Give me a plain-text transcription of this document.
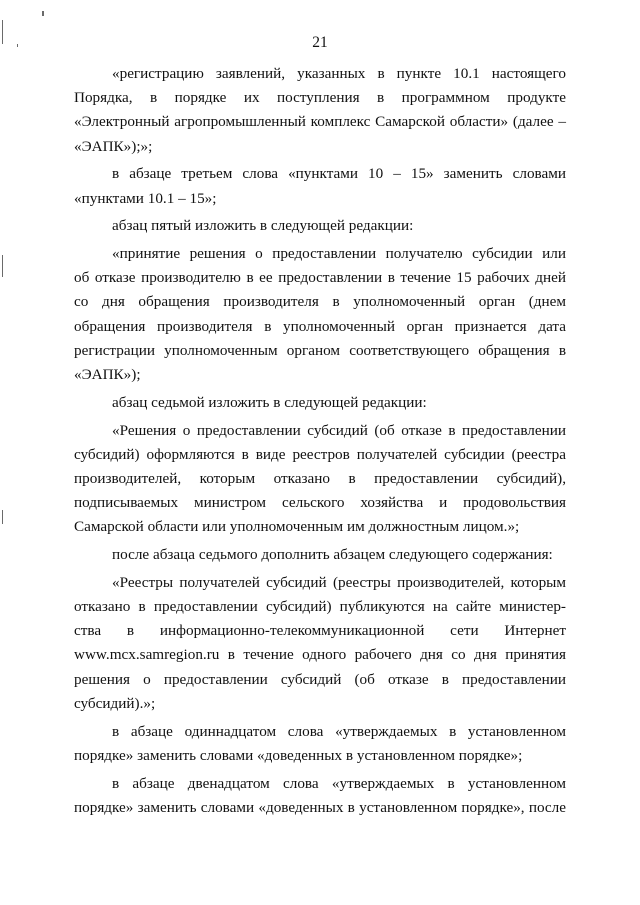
21
«регистрацию заявлений, указанных в пункте 10.1 настоящего
Порядка, в порядке их поступления в программном продукте
«Электронный агропромышленный комплекс Самарской области» (далее –
«ЭАПК»);»;
в абзаце третьем слова «пунктами 10 – 15» заменить словами
«пунктами 10.1 – 15»;
абзац пятый изложить в следующей редакции:
«принятие решения о предоставлении получателю субсидии или
об отказе производителю в ее предоставлении в течение 15 рабочих дней
со дня обращения производителя в уполномоченный орган (днем
обращения производителя в уполномоченный орган признается дата
регистрации уполномоченным органом соответствующего обращения в
«ЭАПК»);
абзац седьмой изложить в следующей редакции:
«Решения о предоставлении субсидий (об отказе в предоставлении
субсидий) оформляются в виде реестров получателей субсидии (реестра
производителей, которым отказано в предоставлении субсидий),
подписываемых министром сельского хозяйства и продовольствия
Самарской области или уполномоченным им должностным лицом.»;
после абзаца седьмого дополнить абзацем следующего содержания:
«Реестры получателей субсидий (реестры производителей, которым
отказано в предоставлении субсидий) публикуются на сайте министер-
ства в информационно-телекоммуникационной сети Интернет
www.mcx.samregion.ru в течение одного рабочего дня со дня принятия
решения о предоставлении субсидий (об отказе в предоставлении
субсидий).»;
в абзаце одиннадцатом слова «утверждаемых в установленном
порядке» заменить словами «доведенных в установленном порядке»;
в абзаце двенадцатом слова «утверждаемых в установленном
порядке» заменить словами «доведенных в установленном порядке», после
